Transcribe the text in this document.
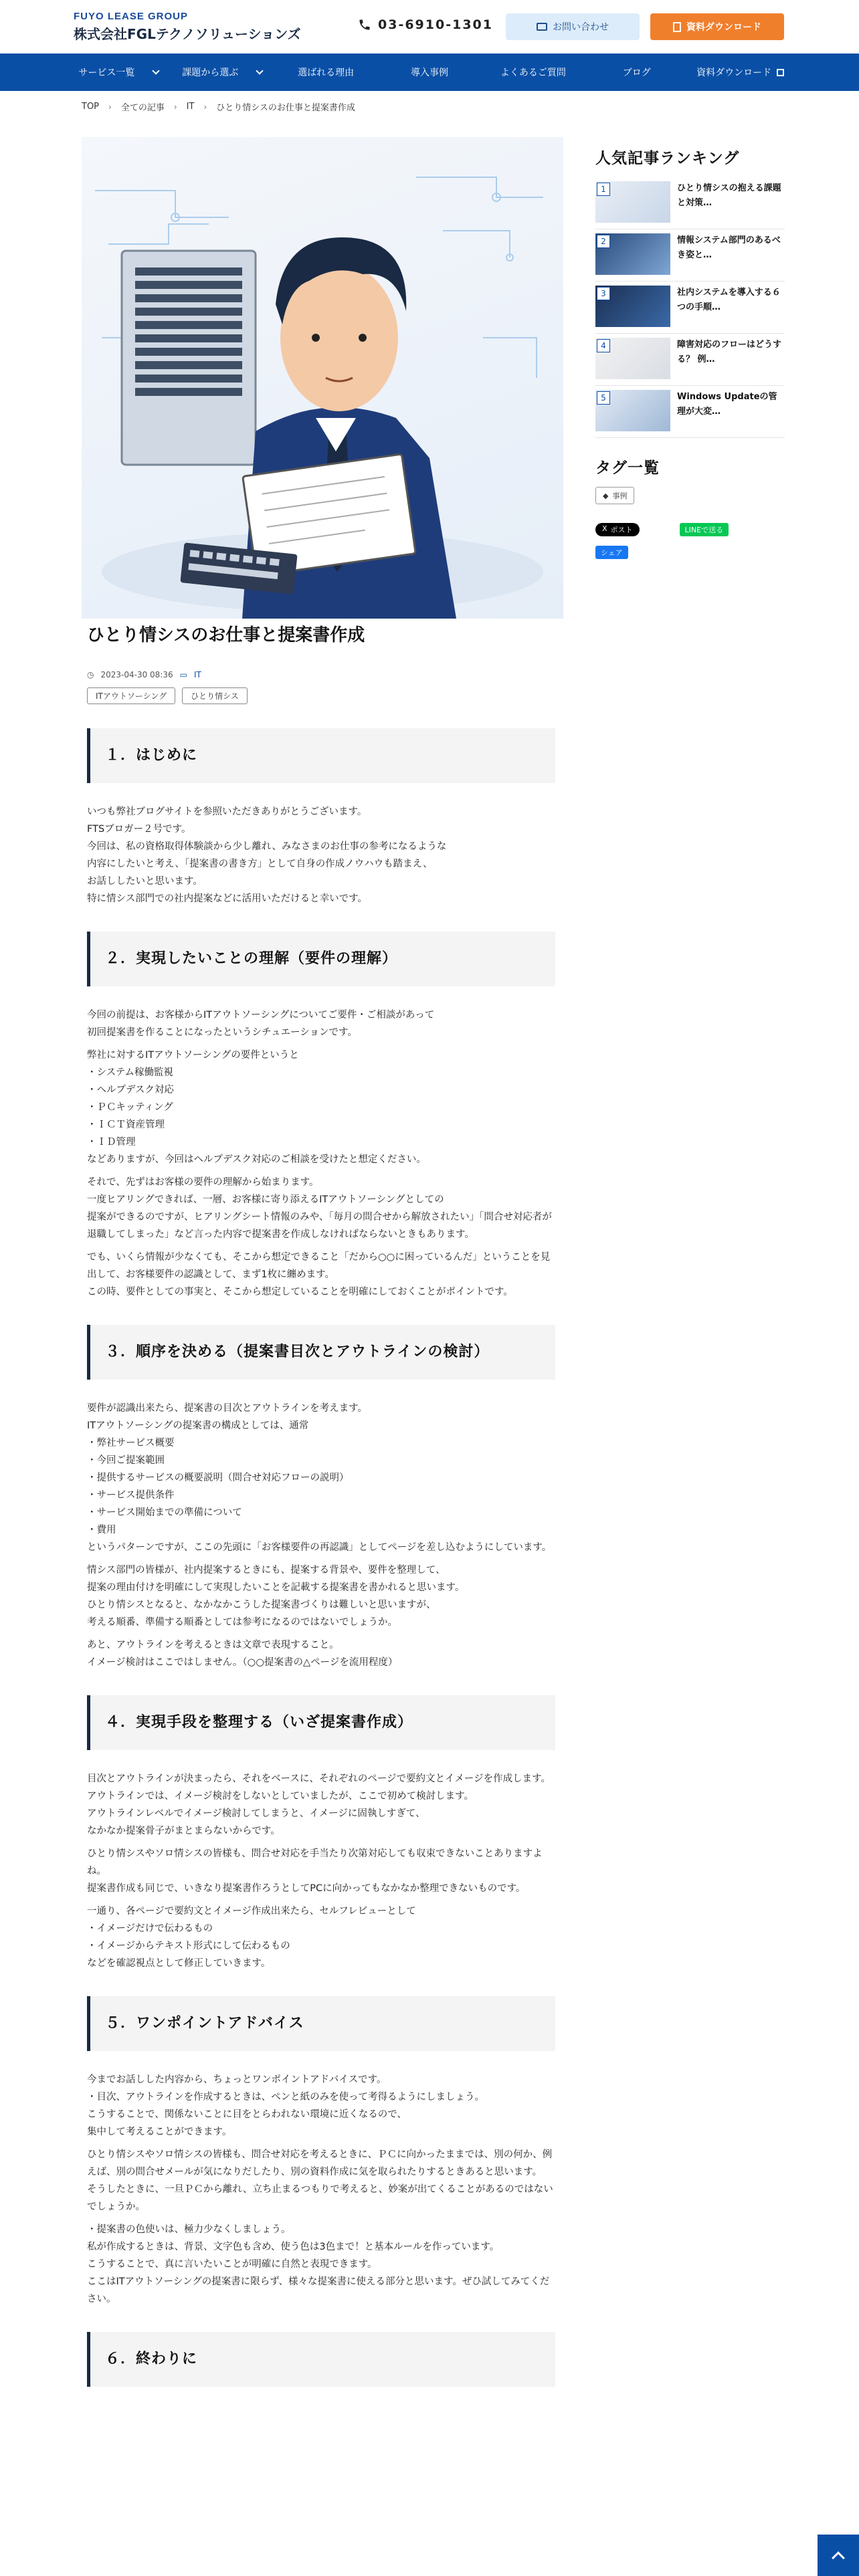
FUYO LEASE GROUP
株式会社FGLテクノソリューションズ
03-6910-1301	お問い合わせ	資料ダウンロード
サービス一覧	課題から選ぶ	選ばれる理由	導入事例	よくあるご質問	ブログ	資料ダウンロード
TOP › 全ての記事 › IT › ひとり情シスのお仕事と提案書作成
ひとり情シスのお仕事と提案書作成
◷ 2023-04-30 08:36 ▭ IT
ITアウトソーシング	ひとり情シス
１．はじめに

いつも弊社ブログサイトを参照いただきありがとうございます。
FTSブロガー２号です。
今回は、私の資格取得体験談から少し離れ、みなさまのお仕事の参考になるような
内容にしたいと考え、「提案書の書き方」として自身の作成ノウハウも踏まえ、
お話ししたいと思います。
特に情シス部門での社内提案などに活用いただけると幸いです。

２．実現したいことの理解（要件の理解）

今回の前提は、お客様からITアウトソーシングについてご要件・ご相談があって
初回提案書を作ることになったというシチュエーションです。

弊社に対するITアウトソーシングの要件というと
・システム稼働監視
・ヘルプデスク対応
・ＰＣキッティング
・ＩＣＴ資産管理
・ＩＤ管理
などありますが、今回はヘルプデスク対応のご相談を受けたと想定ください。

それで、先ずはお客様の要件の理解から始まります。
一度ヒアリングできれば、一層、お客様に寄り添えるITアウトソーシングとしての
提案ができるのですが、ヒアリングシート情報のみや、「毎月の問合せから解放されたい」「問合せ対応者が退職してしまった」など言った内容で提案書を作成しなければならないときもあります。

でも、いくら情報が少なくても、そこから想定できること「だから○○に困っているんだ」ということを見出して、お客様要件の認識として、まず1枚に纏めます。
この時、要件としての事実と、そこから想定していることを明確にしておくことがポイントです。

３．順序を決める（提案書目次とアウトラインの検討）

要件が認識出来たら、提案書の目次とアウトラインを考えます。
ITアウトソーシングの提案書の構成としては、通常
・弊社サービス概要
・今回ご提案範囲
・提供するサービスの概要説明（問合せ対応フローの説明）
・サービス提供条件
・サービス開始までの準備について
・費用
というパターンですが、ここの先頭に「お客様要件の再認識」としてページを差し込むようにしています。

情シス部門の皆様が、社内提案するときにも、提案する背景や、要件を整理して、
提案の理由付けを明確にして実現したいことを記載する提案書を書かれると思います。
ひとり情シスとなると、なかなかこうした提案書づくりは難しいと思いますが、
考える順番、準備する順番としては参考になるのではないでしょうか。

あと、アウトラインを考えるときは文章で表現すること。
イメージ検討はここではしません。（○○提案書の△ページを流用程度）

４．実現手段を整理する（いざ提案書作成）

目次とアウトラインが決まったら、それをベースに、それぞれのページで要約文とイメージを作成します。
アウトラインでは、イメージ検討をしないとしていましたが、ここで初めて検討します。
アウトラインレベルでイメージ検討してしまうと、イメージに固執しすぎて、
なかなか提案骨子がまとまらないからです。

ひとり情シスやソロ情シスの皆様も、問合せ対応を手当たり次第対応しても収束できないことありますよね。
提案書作成も同じで、いきなり提案書作ろうとしてPCに向かってもなかなか整理できないものです。

一通り、各ページで要約文とイメージ作成出来たら、セルフレビューとして
・イメージだけで伝わるもの
・イメージからテキスト形式にして伝わるもの
などを確認視点として修正していきます。

５．ワンポイントアドバイス

今までお話しした内容から、ちょっとワンポイントアドバイスです。
・目次、アウトラインを作成するときは、ペンと紙のみを使って考得るようにしましょう。
こうすることで、関係ないことに目をとらわれない環境に近くなるので、
集中して考えることができます。

ひとり情シスやソロ情シスの皆様も、問合せ対応を考えるときに、ＰＣに向かったままでは、別の何か、例えば、別の問合せメールが気になりだしたり、別の資料作成に気を取られたりするときあると思います。
そうしたときに、一旦ＰＣから離れ、立ち止まるつもりで考えると、妙案が出てくることがあるのではないでしょうか。

・提案書の色使いは、極力少なくしましょう。
私が作成するときは、背景、文字色も含め、使う色は3色まで！と基本ルールを作っています。
こうすることで、真に言いたいことが明確に自然と表現できます。
ここはITアウトソーシングの提案書に限らず、様々な提案書に使える部分と思います。ぜひ試してみてください。

６．終わりに
人気記事ランキング
1	ひとり情シスの抱える課題と対策…
2	情報システム部門のあるべき姿と…
3	社内システムを導入する６つの手順…
4	障害対応のフローはどうする？ 例…
5	Windows Updateの管理が大変…
タグ一覧
◆ 事例
X ポスト	LINEで送る
シェア
